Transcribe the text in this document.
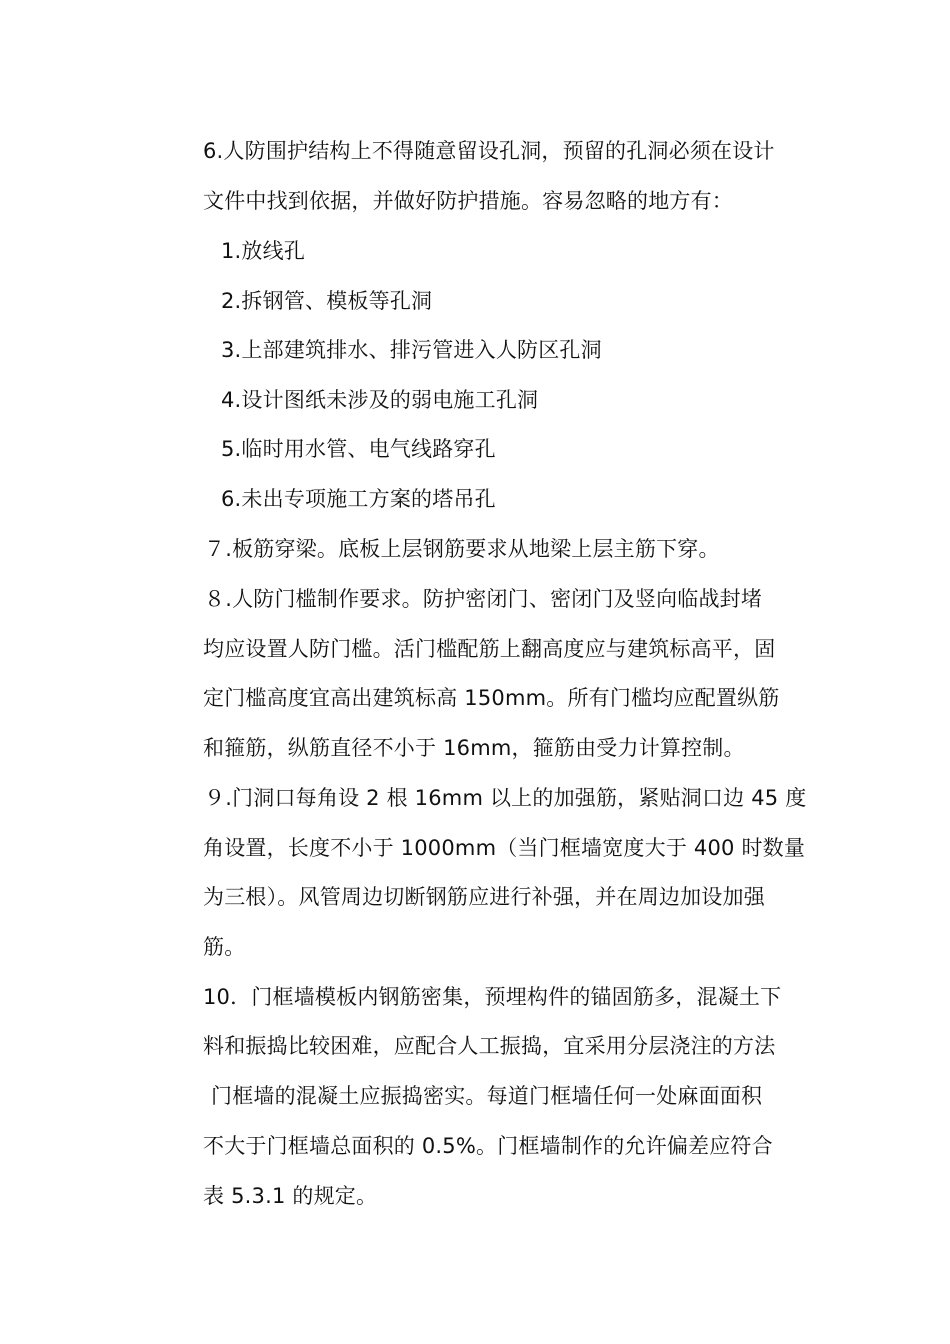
6.人防围护结构上不得随意留设孔洞，预留的孔洞必须在设计
文件中找到依据，并做好防护措施。容易忽略的地方有：
1.放线孔
2.拆钢管、模板等孔洞
3.上部建筑排水、排污管进入人防区孔洞
4.设计图纸未涉及的弱电施工孔洞
5.临时用水管、电气线路穿孔
6.未出专项施工方案的塔吊孔
７.板筋穿梁。底板上层钢筋要求从地梁上层主筋下穿。
８.人防门槛制作要求。防护密闭门、密闭门及竖向临战封堵
均应设置人防门槛。活门槛配筋上翻高度应与建筑标高平，固
定门槛高度宜高出建筑标高 150mm。所有门槛均应配置纵筋
和箍筋，纵筋直径不小于 16mm，箍筋由受力计算控制。
９.门洞口每角设 2 根 16mm 以上的加强筋，紧贴洞口边 45 度
角设置，长度不小于 1000mm（当门框墙宽度大于 400 时数量
为三根）。风管周边切断钢筋应进行补强，并在周边加设加强
筋。
10．门框墙模板内钢筋密集，预埋构件的锚固筋多，混凝土下
料和振捣比较困难，应配合人工振捣，宜采用分层浇注的方法
门框墙的混凝土应振捣密实。每道门框墙任何一处麻面面积
不大于门框墙总面积的 0.5%。门框墙制作的允许偏差应符合
表 5.3.1 的规定。
